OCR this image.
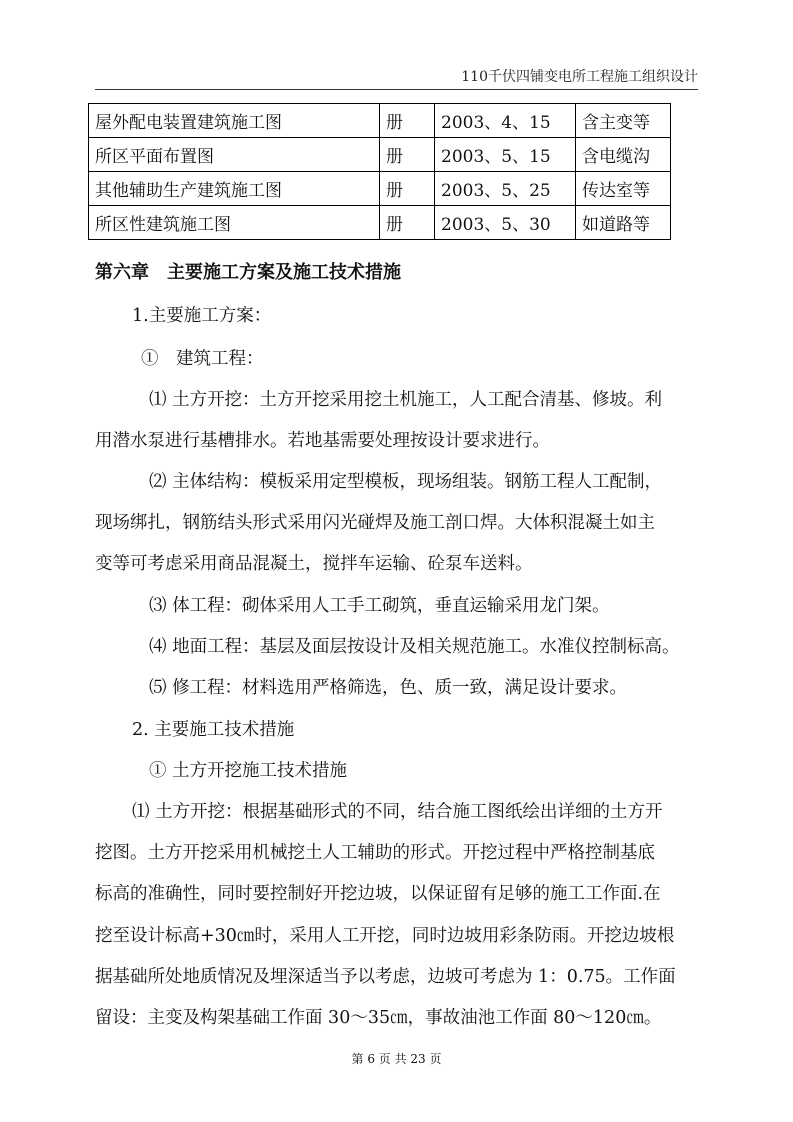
110千伏四铺变电所工程施工组织设计
屋外配电装置建筑施工图	册	2003、4、15	含主变等
所区平面布置图	册	2003、5、15	含电缆沟
其他辅助生产建筑施工图	册	2003、5、25	传达室等
所区性建筑施工图	册	2003、5、30	如道路等
第六章　主要施工方案及施工技术措施
1.主要施工方案：
①　建筑工程：
⑴ 土方开挖：土方开挖采用挖土机施工，人工配合清基、修坡。利
用潜水泵进行基槽排水。若地基需要处理按设计要求进行。
⑵ 主体结构：模板采用定型模板，现场组装。钢筋工程人工配制，
现场绑扎，钢筋结头形式采用闪光碰焊及施工剖口焊。大体积混凝土如主
变等可考虑采用商品混凝土，搅拌车运输、砼泵车送料。
⑶ 体工程：砌体采用人工手工砌筑，垂直运输采用龙门架。
⑷ 地面工程：基层及面层按设计及相关规范施工。水准仪控制标高。
⑸ 修工程：材料选用严格筛选，色、质一致，满足设计要求。
2. 主要施工技术措施
① 土方开挖施工技术措施
⑴ 土方开挖：根据基础形式的不同，结合施工图纸绘出详细的土方开
挖图。土方开挖采用机械挖土人工辅助的形式。开挖过程中严格控制基底
标高的准确性，同时要控制好开挖边坡，以保证留有足够的施工工作面.在
挖至设计标高+30㎝时，采用人工开挖，同时边坡用彩条防雨。开挖边坡根
据基础所处地质情况及埋深适当予以考虑，边坡可考虑为 1：0.75。工作面
留设：主变及构架基础工作面 30～35㎝，事故油池工作面 80～120㎝。
第 6 页 共 23 页
